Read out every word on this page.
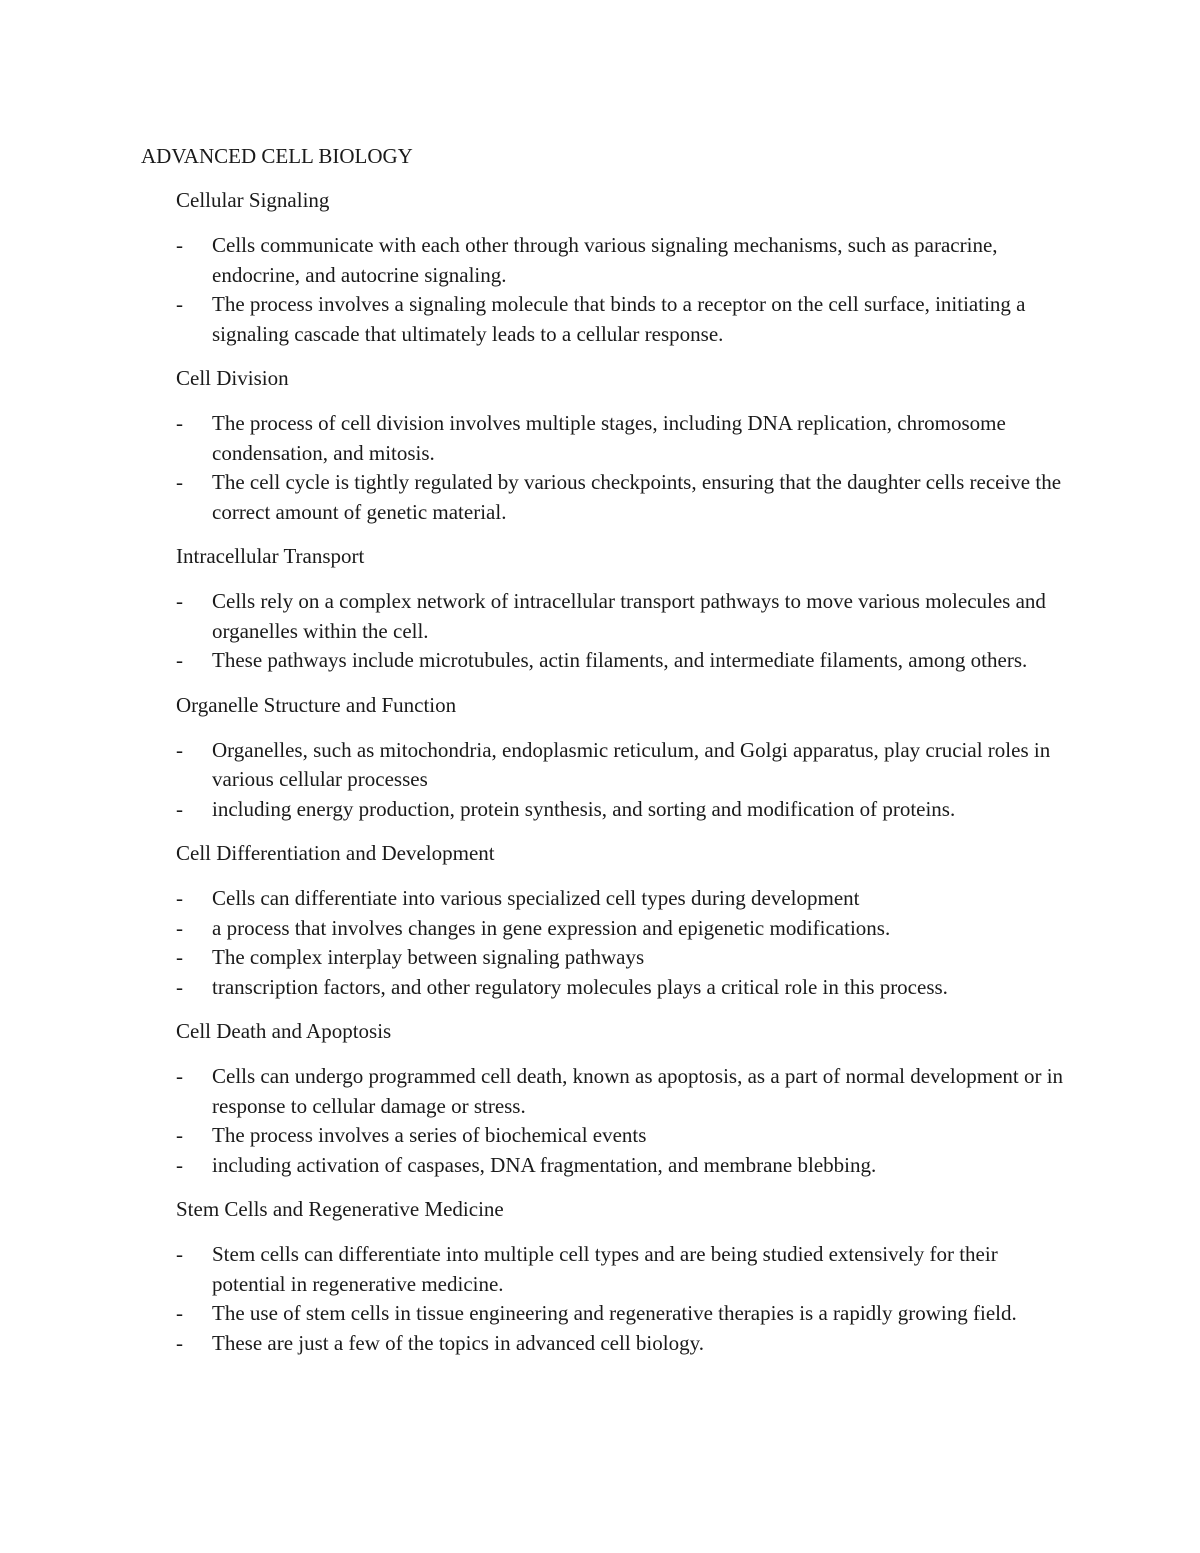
ADVANCED CELL BIOLOGY
Cellular Signaling
- Cells communicate with each other through various signaling mechanisms, such as paracrine, endocrine, and autocrine signaling.
- The process involves a signaling molecule that binds to a receptor on the cell surface, initiating a signaling cascade that ultimately leads to a cellular response.
Cell Division
- The process of cell division involves multiple stages, including DNA replication, chromosome condensation, and mitosis.
- The cell cycle is tightly regulated by various checkpoints, ensuring that the daughter cells receive the correct amount of genetic material.
Intracellular Transport
- Cells rely on a complex network of intracellular transport pathways to move various molecules and organelles within the cell.
- These pathways include microtubules, actin filaments, and intermediate filaments, among others.
Organelle Structure and Function
- Organelles, such as mitochondria, endoplasmic reticulum, and Golgi apparatus, play crucial roles in various cellular processes
- including energy production, protein synthesis, and sorting and modification of proteins.
Cell Differentiation and Development
- Cells can differentiate into various specialized cell types during development
- a process that involves changes in gene expression and epigenetic modifications.
- The complex interplay between signaling pathways
- transcription factors, and other regulatory molecules plays a critical role in this process.
Cell Death and Apoptosis
- Cells can undergo programmed cell death, known as apoptosis, as a part of normal development or in response to cellular damage or stress.
- The process involves a series of biochemical events
- including activation of caspases, DNA fragmentation, and membrane blebbing.
Stem Cells and Regenerative Medicine
- Stem cells can differentiate into multiple cell types and are being studied extensively for their potential in regenerative medicine.
- The use of stem cells in tissue engineering and regenerative therapies is a rapidly growing field.
- These are just a few of the topics in advanced cell biology.
